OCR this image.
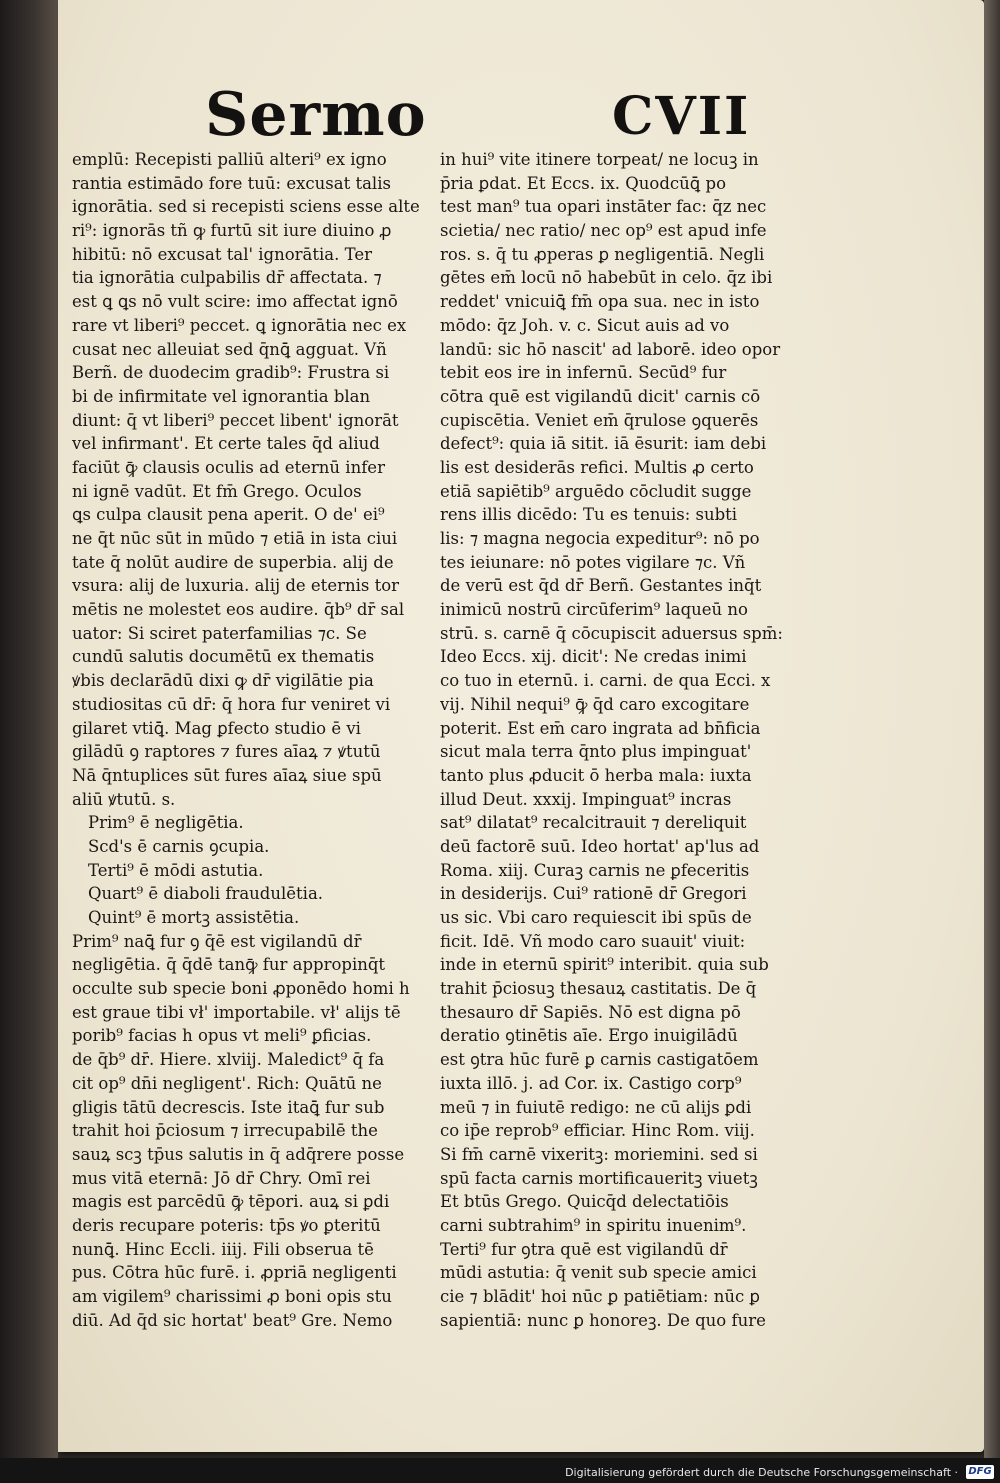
Sermo	CVII
emplū: Recepisti palliū alteri⁹ ex igno
rantia estimādo fore tuū: excusat talis
ignorātia. sed si recepisti sciens esse alte
ri⁹: ignorās tñ ꝙ furtū sit iure diuino ꝓ
hibitū: nō excusat tal' ignorātia. Ter
tia ignorātia culpabilis dr̄ affectata. ⁊
est ꝗ ꝗs nō vult scire: imo affectat ignō
rare vt liberi⁹ peccet. ꝗ ignorātia nec ex
cusat nec alleuiat sed q̄nꝗ̄ agguat. Vñ
Berñ. de duodecim gradib⁹: Frustra si
bi de infirmitate vel ignorantia blan
diunt: q̄ vt liberi⁹ peccet libent' ignorāt
vel infirmant'. Et certe tales q̄d aliud
faciūt ꝙ̄ clausis oculis ad eternū infer
ni ignē vadūt. Et fm̄ Grego. Oculos
ꝗs culpa clausit pena aperit. O de' ei⁹
ne q̄t nūc sūt in mūdo ⁊ etiā in ista ciui
tate q̄ nolūt audire de superbia. alij de
vsura: alij de luxuria. alij de eternis tor
mētis ne molestet eos audire. q̄b⁹ dr̄ sal
uator: Si sciret paterfamilias ⁊c. Se
cundū salutis documētū ex thematis
ꝟbis declarādū dixi ꝙ dr̄ vigilātie pia
studiositas cū dr̄: q̄ hora fur veniret vi
gilaret vtiꝗ̄. Mag ꝑfecto studio ē vi
gilādū ꝯ raptores ⁊ fures aīaꝝ ⁊ ꝟtutū
Nā q̄ntuplices sūt fures aīaꝝ siue spū
aliū ꝟtutū. s.
Prim⁹ ē negligētia.
Scd's ē carnis ꝯcupia.
Terti⁹ ē mōdi astutia.
Quart⁹ ē diaboli fraudulētia.
Quint⁹ ē mortꝫ assistētia.
Prim⁹ naꝗ̄ fur ꝯ q̄ē est vigilandū dr̄
negligētia. q̄ q̄dē tanꝙ̄ fur appropinq̄t
occulte sub specie boni ꝓponēdo homi h
est graue tibi vł' importabile. vł' alijs tē
porib⁹ facias h opus vt meli⁹ ꝑficias.
de q̄b⁹ dr̄. Hiere. xlviij. Maledict⁹ q̄ fa
cit op⁹ dn̄i negligent'. Rich: Quātū ne
gligis tātū decrescis. Iste itaꝗ̄ fur sub
trahit hoi p̄ciosum ⁊ irrecupabilē the
sauꝝ scꝫ tp̄us salutis in q̄ adq̄rere posse
mus vitā eternā: Jō dr̄ Chry. Omī rei
magis est parcēdū ꝙ̄ tēpori. auꝝ si ꝑdi
deris recupare poteris: tp̄s ꝟo ꝑteritū
nunꝗ̄. Hinc Eccli. iiij. Fili obserua tē
pus. Cōtra hūc furē. i. ꝓpriā negligenti
am vigilem⁹ charissimi ꝓ boni opis stu
diū. Ad q̄d sic hortat' beat⁹ Gre. Nemo
in hui⁹ vite itinere torpeat/ ne locuꝫ in
p̄ria ꝑdat. Et Eccs. ix. Quodcūꝗ̄ po
test man⁹ tua opari instāter fac: q̄z nec
scietia/ nec ratio/ nec op⁹ est apud infe
ros. s. q̄ tu ꝓperas ꝑ negligentiā. Negli
gētes em̄ locū nō habebūt in celo. q̄z ibi
reddet' vnicuiꝗ̄ fm̄ opa sua. nec in isto
mōdo: q̄z Joh. v. c. Sicut auis ad vo
landū: sic hō nascit' ad laborē. ideo opor
tebit eos ire in infernū. Secūd⁹ fur
cōtra quē est vigilandū dicit' carnis cō
cupiscētia. Veniet em̄ q̄rulose ꝯquerēs
defect⁹: quia iā sitit. iā ēsurit: iam debi
lis est desiderās refici. Multis ꝓ certo
etiā sapiētib⁹ arguēdo cōcludit sugge
rens illis dicēdo: Tu es tenuis: subti
lis: ⁊ magna negocia expeditur⁹: nō po
tes ieiunare: nō potes vigilare ⁊c. Vñ
de verū est q̄d dr̄ Berñ. Gestantes inq̄t
inimicū nostrū circūferim⁹ laqueū no
strū. s. carnē q̄ cōcupiscit aduersus spm̄:
Ideo Eccs. xij. dicit': Ne credas inimi
co tuo in eternū. i. carni. de qua Ecci. x
vij. Nihil nequi⁹ ꝙ̄ q̄d caro excogitare
poterit. Est em̄ caro ingrata ad bn̄ficia
sicut mala terra q̄nto plus impinguat'
tanto plus ꝓducit ō herba mala: iuxta
illud Deut. xxxij. Impinguat⁹ incras
sat⁹ dilatat⁹ recalcitrauit ⁊ dereliquit
deū factorē suū. Ideo hortat' ap'lus ad
Roma. xiij. Curaꝫ carnis ne ꝑfeceritis
in desiderijs. Cui⁹ rationē dr̄ Gregori
us sic. Vbi caro requiescit ibi spūs de
ficit. Idē. Vñ modo caro suauit' viuit:
inde in eternū spirit⁹ interibit. quia sub
trahit p̄ciosuꝫ thesauꝝ castitatis. De q̄
thesauro dr̄ Sapiēs. Nō est digna pō
deratio ꝯtinētis aīe. Ergo inuigilādū
est ꝯtra hūc furē ꝑ carnis castigatōem
iuxta illō. j. ad Cor. ix. Castigo corp⁹
meū ⁊ in fuiutē redigo: ne cū alijs ꝑdi
co ip̄e reprob⁹ efficiar. Hinc Rom. viij.
Si fm̄ carnē vixeritꝫ: moriemini. sed si
spū facta carnis mortificaueritꝫ viuetꝫ
Et btūs Grego. Quicq̄d delectatiōis
carni subtrahim⁹ in spiritu inuenim⁹.
Terti⁹ fur ꝯtra quē est vigilandū dr̄
mūdi astutia: q̄ venit sub specie amici
cie ⁊ blādit' hoi nūc ꝑ patiētiam: nūc ꝑ
sapientiā: nunc ꝑ honoreꝫ. De quo fure
Digitalisierung gefördert durch die Deutsche Forschungsgemeinschaft · DFG
